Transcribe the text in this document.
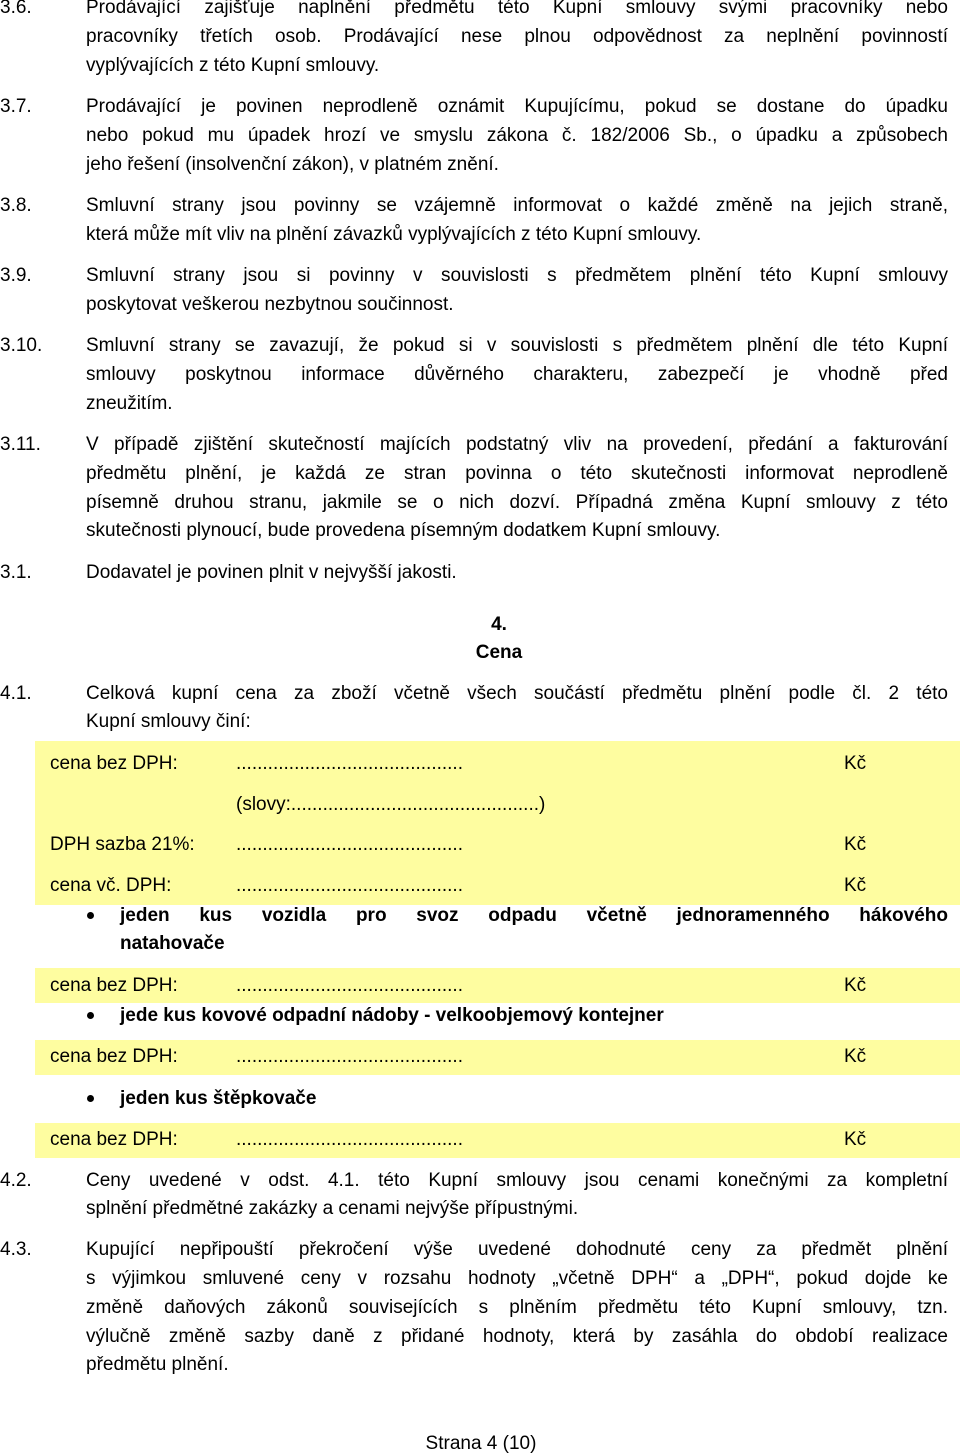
3.6.	Prodávající zajišťuje naplnění předmětu této Kupní smlouvy svými pracovníky nebo
pracovníky třetích osob. Prodávající nese plnou odpovědnost za neplnění povinností
vyplývajících z této Kupní smlouvy.
3.7.	Prodávající je povinen neprodleně oznámit Kupujícímu, pokud se dostane do úpadku
nebo pokud mu úpadek hrozí ve smyslu zákona č. 182/2006 Sb., o úpadku a způsobech
jeho řešení (insolvenční zákon), v platném znění.
3.8.	Smluvní strany jsou povinny se vzájemně informovat o každé změně na jejich straně,
která může mít vliv na plnění závazků vyplývajících z této Kupní smlouvy.
3.9.	Smluvní strany jsou si povinny v souvislosti s předmětem plnění této Kupní smlouvy
poskytovat veškerou nezbytnou součinnost.
3.10. Smluvní strany se zavazují, že pokud si v souvislosti s předmětem plnění dle této Kupní
smlouvy poskytnou informace důvěrného charakteru, zabezpečí je vhodně před
zneužitím.
3.11. V případě zjištění skutečností majících podstatný vliv na provedení, předání a fakturování
předmětu plnění, je každá ze stran povinna o této skutečnosti informovat neprodleně
písemně druhou stranu, jakmile se o nich dozví. Případná změna Kupní smlouvy z této
skutečnosti plynoucí, bude provedena písemným dodatkem Kupní smlouvy.
3.1.	Dodavatel je povinen plnit v nejvyšší jakosti.
4.
Cena
4.1.	Celková kupní cena za zboží včetně všech součástí předmětu plnění podle čl. 2 této
Kupní smlouvy činí:
cena bez DPH:	...........................................	Kč
(slovy:...............................................)
DPH sazba 21%: ...........................................	Kč
cena vč. DPH:	...........................................	Kč
jeden kus vozidla pro svoz odpadu včetně jednoramenného hákového
natahovače
cena bez DPH:	...........................................	Kč
jede kus kovové odpadní nádoby - velkoobjemový kontejner
cena bez DPH:	...........................................	Kč
jeden kus štěpkovače
cena bez DPH:	...........................................	Kč
4.2.	Ceny uvedené v odst. 4.1. této Kupní smlouvy jsou cenami konečnými za kompletní
splnění předmětné zakázky a cenami nejvýše přípustnými.
4.3.	Kupující nepřipouští překročení výše uvedené dohodnuté ceny za předmět plnění
s výjimkou smluvené ceny v rozsahu hodnoty „včetně DPH“ a „DPH“, pokud dojde ke
změně daňových zákonů souvisejících s plněním předmětu této Kupní smlouvy, tzn.
výlučně změně sazby daně z přidané hodnoty, která by zasáhla do období realizace
předmětu plnění.
Strana 4 (10)
